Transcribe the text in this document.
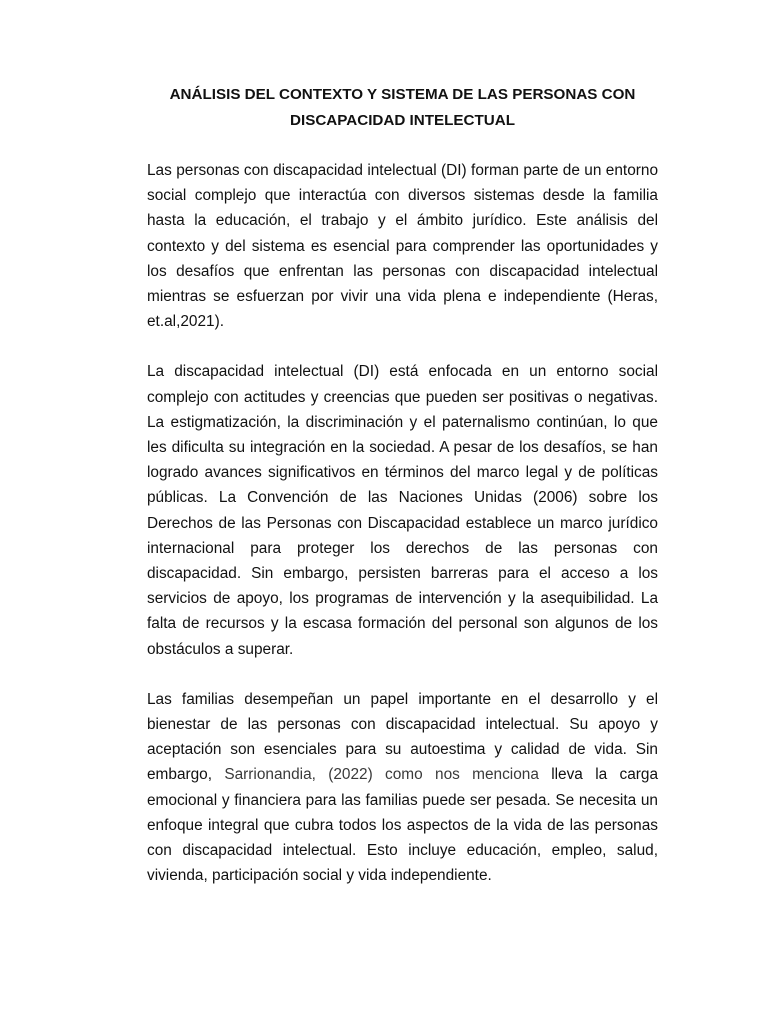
ANÁLISIS DEL CONTEXTO Y SISTEMA DE LAS PERSONAS CON
DISCAPACIDAD INTELECTUAL

Las personas con discapacidad intelectual (DI) forman parte de un entorno social complejo que interactúa con diversos sistemas desde la familia hasta la educación, el trabajo y el ámbito jurídico. Este análisis del contexto y del sistema es esencial para comprender las oportunidades y los desafíos que enfrentan las personas con discapacidad intelectual mientras se esfuerzan por vivir una vida plena e independiente (Heras, et.al,2021).

La discapacidad intelectual (DI) está enfocada en un entorno social complejo con actitudes y creencias que pueden ser positivas o negativas. La estigmatización, la discriminación y el paternalismo continúan, lo que les dificulta su integración en la sociedad. A pesar de los desafíos, se han logrado avances significativos en términos del marco legal y de políticas públicas. La Convención de las Naciones Unidas (2006) sobre los Derechos de las Personas con Discapacidad establece un marco jurídico internacional para proteger los derechos de las personas con discapacidad. Sin embargo, persisten barreras para el acceso a los servicios de apoyo, los programas de intervención y la asequibilidad. La falta de recursos y la escasa formación del personal son algunos de los obstáculos a superar.

Las familias desempeñan un papel importante en el desarrollo y el bienestar de las personas con discapacidad intelectual. Su apoyo y aceptación son esenciales para su autoestima y calidad de vida. Sin embargo, Sarrionandia, (2022) como nos menciona lleva la carga emocional y financiera para las familias puede ser pesada. Se necesita un enfoque integral que cubra todos los aspectos de la vida de las personas con discapacidad intelectual. Esto incluye educación, empleo, salud, vivienda, participación social y vida independiente.
